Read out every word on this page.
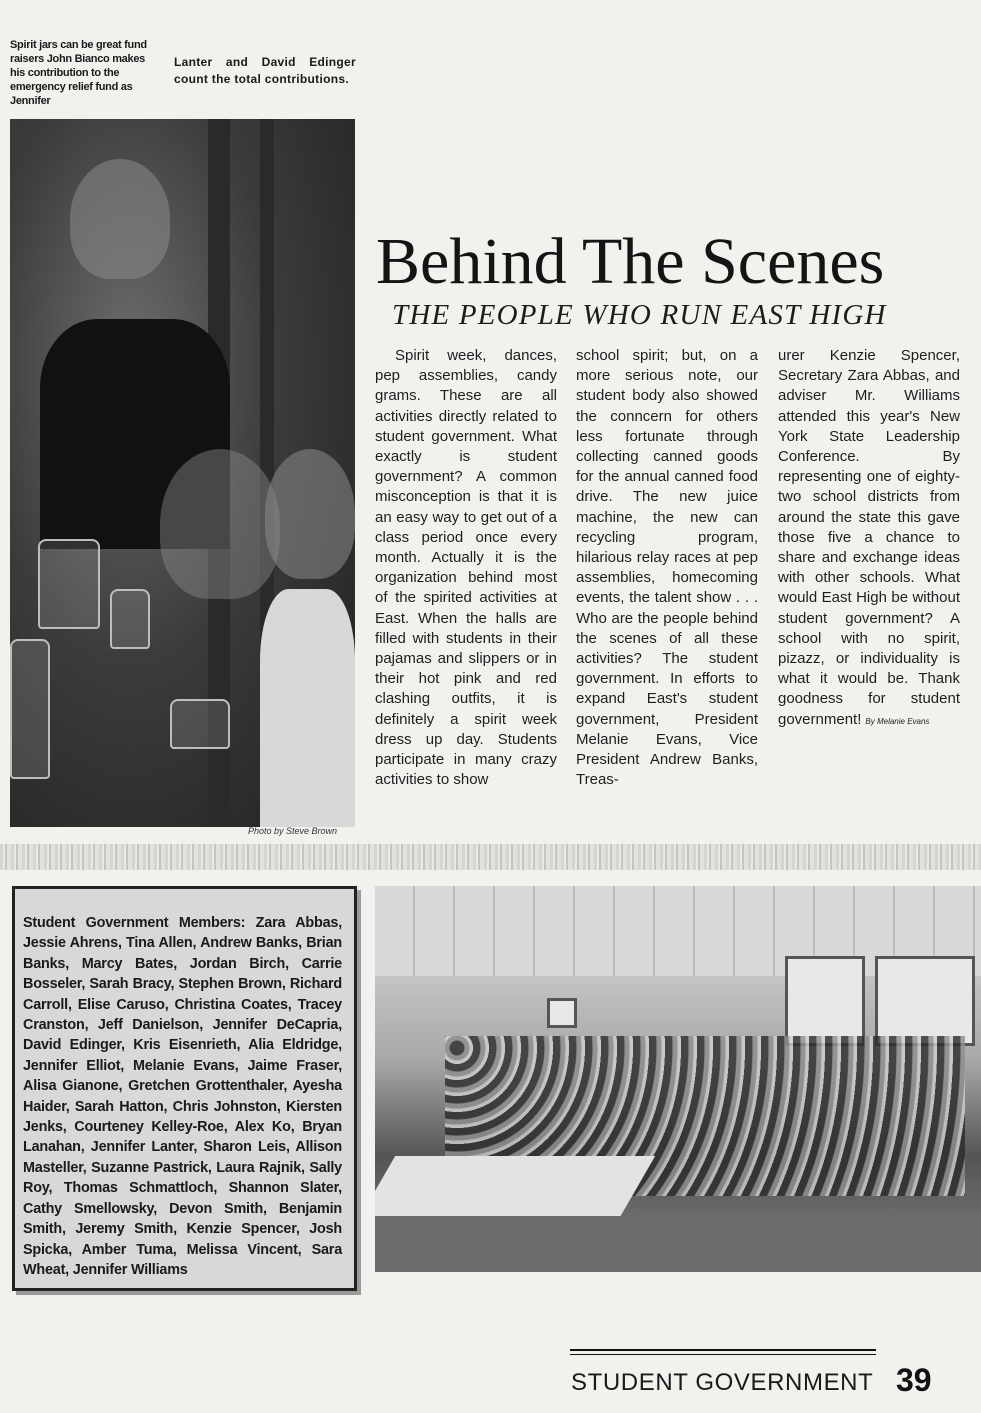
Spirit jars can be great fund raisers John Bianco makes his contribution to the emergency relief fund as Jennifer
Lanter and David Edinger count the total contributions.
Photo by Steve Brown
Behind The Scenes
THE PEOPLE WHO RUN EAST HIGH
Spirit week, dances, pep assemblies, candy grams. These are all activities directly related to student government. What exactly is student government? A common misconception is that it is an easy way to get out of a class period once every month. Actually it is the organization behind most of the spirited activities at East. When the halls are filled with students in their pajamas and slippers or in their hot pink and red clashing outfits, it is definitely a spirit week dress up day. Students participate in many crazy activities to show
school spirit; but, on a more serious note, our student body also showed the conncern for others less fortunate through collecting canned goods for the annual canned food drive. The new juice machine, the new can recycling program, hilarious relay races at pep assemblies, homecoming events, the talent show . . . Who are the people behind the scenes of all these activities? The student government. In efforts to expand East's student government, President Melanie Evans, Vice President Andrew Banks, Treas-
urer Kenzie Spencer, Secretary Zara Abbas, and adviser Mr. Williams attended this year's New York State Leadership Conference. By representing one of eighty-two school districts from around the state this gave those five a chance to share and exchange ideas with other schools. What would East High be without student government? A school with no spirit, pizazz, or individuality is what it would be. Thank goodness for student government! By Melanie Evans
Student Government Members: Zara Abbas, Jessie Ahrens, Tina Allen, Andrew Banks, Brian Banks, Marcy Bates, Jordan Birch, Carrie Bosseler, Sarah Bracy, Stephen Brown, Richard Carroll, Elise Caruso, Christina Coates, Tracey Cranston, Jeff Danielson, Jennifer DeCapria, David Edinger, Kris Eisenrieth, Alia Eldridge, Jennifer Elliot, Melanie Evans, Jaime Fraser, Alisa Gianone, Gretchen Grottenthaler, Ayesha Haider, Sarah Hatton, Chris Johnston, Kiersten Jenks, Courteney Kelley-Roe, Alex Ko, Bryan Lanahan, Jennifer Lanter, Sharon Leis, Allison Masteller, Suzanne Pastrick, Laura Rajnik, Sally Roy, Thomas Schmattloch, Shannon Slater, Cathy Smellowsky, Devon Smith, Benjamin Smith, Jeremy Smith, Kenzie Spencer, Josh Spicka, Amber Tuma, Melissa Vincent, Sara Wheat, Jennifer Williams
STUDENT GOVERNMENT 39
